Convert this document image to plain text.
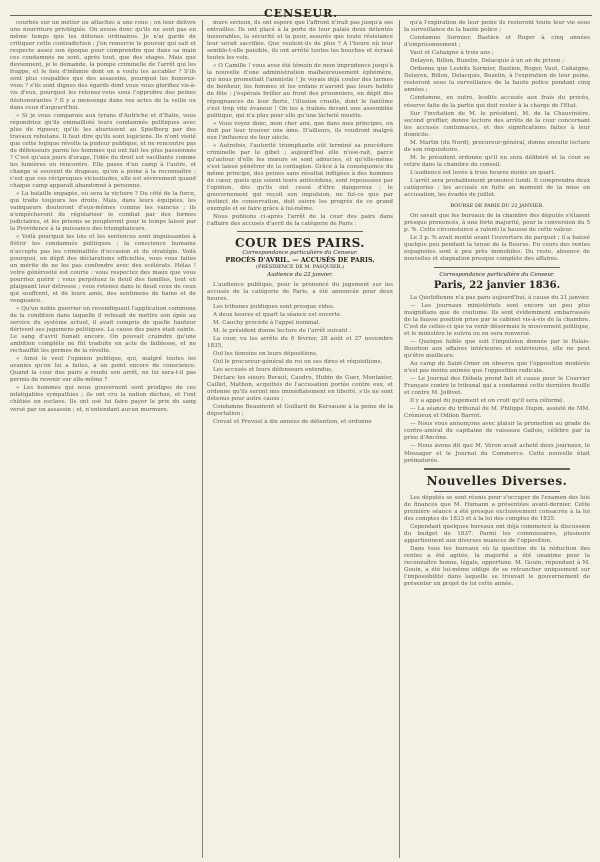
CENSEUR.

courbés sur un métier ou attachés à une roue ; on leur délivre une nourriture privilégiée. On avoue donc qu'ils ne sont pas en même temps que les détenus ordinaires. Je n'ai garde de critiquer cette contradiction ; j'en remercie le pouvoir qui sait et respecte assez son époque pour comprendre que dans sa main ces condamnés ne sont, après tout, que des otages. Mais que deviennent, je le demande, la pompe criminelle de l'arrêt qui les frappe, et le lieu d'infamie dont on a voulu les accabler ? S'ils sont plus coupables que des assassins, pourquoi les honorez-vous ? s'ils sont dignes des égards dont vous vous glorifiez vis-à-vis d'eux, pourquoi les retenez-vous sous l'opprobre des peines déshonorantes ? Il y a mensonge dans vos actes de la veille ou dans ceux d'aujourd'hui.

« Si je vous comparais aux tyrans d'Autriche et d'Italie, vous répondriez qu'ils emmailloté leurs condamnés politiques avec plus de rigueur, qu'ils les ahurissent au Spielberg par des travaux rebutans. Il faut dire qu'ils sont logiciens. Ils n'ont visité que cette logique révolte la pudeur publique, et ne rencontre pas de défenseurs parmi les hommes qui ont fait les plus passionnés ? C'est qu'aux jours d'orage, l'idée du droit est vacillante comme les lumières ou rencontre. Elle passe d'un camp à l'autre, et change si souvent de drapeau, qu'on a peine à la reconnaître ; c'est que ces réciproques vicissitudes, elle est sévèrement quand chaque camp apparaît abandonné à personne.

« La bataille engagée, où sera la victoire ? Du côté de la force, qui traîte toujours les droits. Mais, dans leurs équipées, les vainqueurs douteront d'eux-mêmes comme les vaincus ; ils n'empêcheront de régulariser le combat par des formes judiciaires, et les prisons se peupleront pour le temps laissé par la Providence à la puissance des triomphateurs.

« Voilà pourquoi les lois et les sentences sont impuissantes à flétrir les condamnés politiques ; la conscience humaine n'accepte pas les criminalités d'occasion et de stratégie. Voilà pourquoi, en dépit des déclarations officielles, vous vous faites un mérite de ne les pas confondre avec des scélérats. Hélas ! votre générosité est courte : vous respectez des maux que vous pourriez guérir ; vous perpétuez le deuil des familles, tout en plaignant leur détresse ; vous retenez dans le deuil ceux de ceux qui souffrent, et de leurs amis, des sentimens de haine et de vengeance.

« Qu'un noble guerrier en revendiquant l'application commune de la condition dans laquelle il refusait de mettre son épée au service du système actuel, il avait compris de quelle hauteur dérivent ses jugemens politiques. La cause des pairs était sainte. Le sang d'avril fumait encore. On pouvait craindre qu'une ambition complète ne fût traduite en acte de faiblesse, et ne rechauffât les germes de la révolte.

« Ainsi le veut l'opinion publique, qui, malgré toutes les avanies qu'on lui a faites, a un point encore de conscience. Quand la cour des pairs a rendu son arrêt, ne lui sera-t-il pas permis de revenir sur elle-même ?

« Les hommes qui nous gouvernent sont prodiges de ces infatigables sympathies ; ils ont cru la nation déchue, et l'ont châtiée en esclave. Ils ont osé lui faire payer le prix du sang versé par un assassin ; et, n'entendant aucun murmure.

mure sérieux, ils ont espéré que l'affront n'irait pas jusqu'à ses entrailles. Ils ont placé à la porte de leur palais deux détentés inexorables, la sécurité et la peur, assurés que toute résistance leur serait sacrifiée. Que veulent-ils de plus ? A l'heure où leur semble-t-elle paisible, ils ont arrêté toutes les bouches et écrasé toutes les voix.

« O Camille ! vous avez été témoin de mon imprudence jusqu'à la nouvelle d'une administration malheureusement éphémère, qui nous promettait l'amnistie ! Je voyais déjà couler des larmes de bonheur, les femmes et les enfans n'auront pas leurs habits de fête ; j'espérais briller au front des prisonniers, en dépit des répugnances de leur fierté, l'illusion cruelle, dont le fantôme s'est trop vite évanoui ! On les a traînés devant une assemblée politique, qui n'a plus pour elle qu'une lâcheté muette.

« Vous voyez donc, mon cher ami, que dans mes principes, on finit par leur trouver une âme. D'ailleurs, ils voudront malgré eux l'influence de leur siècle.

« Autrefois, l'autorité triomphante eût terminé sa procédure criminelle par le gibet ; aujourd'hui elle n'ose-rait, parce qu'autour d'elle les mœurs se sont adoucies, et qu'elle-même s'est laissé pénétrer de la contagion. Grâce à la conséquence du même principe, des peines sans résultat infligées à des hommes de cœur, quels que soient leurs antécédens, sont repoussées par l'opinion, dès qu'ils ont cessé d'être dangereux ; le gouvernement qui reçoit son impulsion, ne fut-ce que par instinct de conservation, doit suivre les progrès de ce grand exemple et se faire grâce à lui-même.

Nous publions ci-après l'arrêt de la cour des pairs dans l'affaire des accusés d'avril de la catégorie de Paris :

COUR DES PAIRS.
Correspondance particulière du Censeur.
PROCÈS D'AVRIL. — ACCUSÉS DE PARIS.
(PRÉSIDENCE DE M. PASQUIER.)
Audience du 22 janvier.

L'audience publique, pour le prononcé du jugement sur les accusés de la catégorie de Paris, a été annoncée pour deux heures.

Les tribunes publiques sont presque vides.

A deux heures et quart la séance est ouverte.

M. Cauchy procède à l'appel nominal.

M. le président donne lecture de l'arrêt suivant :

La cour, vu les arrêts du 6 février, 28 août et 27 novembre 1835,

Ouï les témoins en leurs dépositions,

Ouï le procureur-général du roi en ses dires et réquisitions,

Les accusés et leurs défenseurs entendus,

Déclare les sieurs Beraut, Caudre, Hubin de Guer, Montaxier, Caillet, Mathon, acquittés de l'accusation portée contre eux, et ordonne qu'ils seront mis immédiatement en liberté, s'ils ne sont détenus pour autre cause ;

Condamne Beaumont et Guillard de Kersausie à la peine de la déportation ;

Crevat et Prevost à dix années de détention, et ordonne

qu'à l'expiration de leur peine ils resteront toute leur vie sous la surveillance de la haute police ;

Condamne Sormier, Bastien et Roger à cinq années d'emprisonnement ;

Vaut et Cahaigne à trois ans ;

Delayen, Billon, Buzelin, Delacquis à un an de prison ;

Ordonne que Lesbits Sormier, Bastien, Roger, Vaut, Cahaigne, Delayen, Billon, Delacquis, Buzelin, à l'expiration de leur peine, resteront sous la surveillance de la haute police pendant cinq années ;

Condamne, en outre, lesdits accusés aux frais du procès, réserve faite de la partie qui doit rester à la charge de l'Etat.

Sur l'invitation de M. le président, M. de la Chauvinière, second greffier, donne lecture des arrêts de la cour concernant les accusés contumaces, et des significations faites à leur domicile.

M. Martin (du Nord), procureur-général, donne ensuite lecture de son réquisitoire.

M. le président ordonne qu'il en sera délibéré et la cour se retire dans la chambre du conseil.

L'audience est levée à trois heures moins un quart.

L'arrêt sera probablement prononcé lundi. Il comprendra deux catégories ; les accusés en fuite au moment de la mise en accusation, les évadés de juillet.

BOURSE DE PARIS DU 22 JANVIER.

On savait que les bureaux de la chambre des députés s'étaient presque prononcés, à une forte majorité, pour la conversion du 5 p. %. Cette circonstance a ralenti la hausse de cette valeur.

Le 3 p. % avait monté avant l'ouverture du parquet ; il a baissé quelque peu pendant la tenue de la Bourse. En cours des rentes espagnoles sont à peu près immobiles. Du reste, absence de nouvelles et stagnation presque complète des affaires.

Correspondance particulière du Censeur.
Paris, 22 janvier 1836.

La Quotidienne n'a pas paru aujourd'hui, à cause du 21 janvier.

— Les journaux ministériels sont encore un peu plus insignifians que de coutume. Ils sont évidemment embarrassés de la fausse position prise par le cabinet vis-à-vis de la chambre. C'est de celles-ci que va venir désormais le mouvement politique, et le ministère le suivra ou en sera renversé.

— Quelque faible que soit l'impulsion donnée par le Palais-Bourbon aux affaires intérieures et extérieures, elle ne peut qu'être meilleure.

Au camp de Saint-Omer on observe que l'opposition modérée n'est pas moins animée que l'opposition radicale.

— Le Journal des Débats prend fait et cause pour le Courrier Français contre le tribunal qui a condamné cette dernière feuille et contre M. Jollivet.

Il y a appel du jugement et on croit qu'il sera réformé.

— La séance du tribunal de M. Philippe Dupin, assisté de MM. Crémieux et Odilon Barrot.

— Nous vous annonçons avec plaisir la promotion au grade de contre-amiral du capitaine de vaisseau Gallois, célèbre par la prise d'Ancône.

— Nous avons dit que M. Véron avait acheté deux journaux, le Messager et le Journal du Commerce. Cette nouvelle était prématurée.

Nouvelles Diverses.

Les députés se sont réunis pour s'occuper de l'examen des lois de finances que M. Humann a présentées avant-dernier. Cette première séance a été presque exclusivement consacrée à la loi des comptes de 1833 et à la loi des comptes de 1835.

Cependant quelques bureaux ont déjà commencé la discussion du budget de 1837. Parmi les commissaires, plusieurs appartiennent aux diverses nuances de l'opposition.

Dans tous les bureaux où la question de la réduction des rentes a été agitée, la majorité a été unanime pour la reconnaître bonne, légale, opportune. M. Gouin, répondant à M. Gouin, a été lui-même obligé de se retrancher uniquement sur l'impossibilité dans laquelle se trouvait le gouvernement de présenter un projet de loi cette année.
